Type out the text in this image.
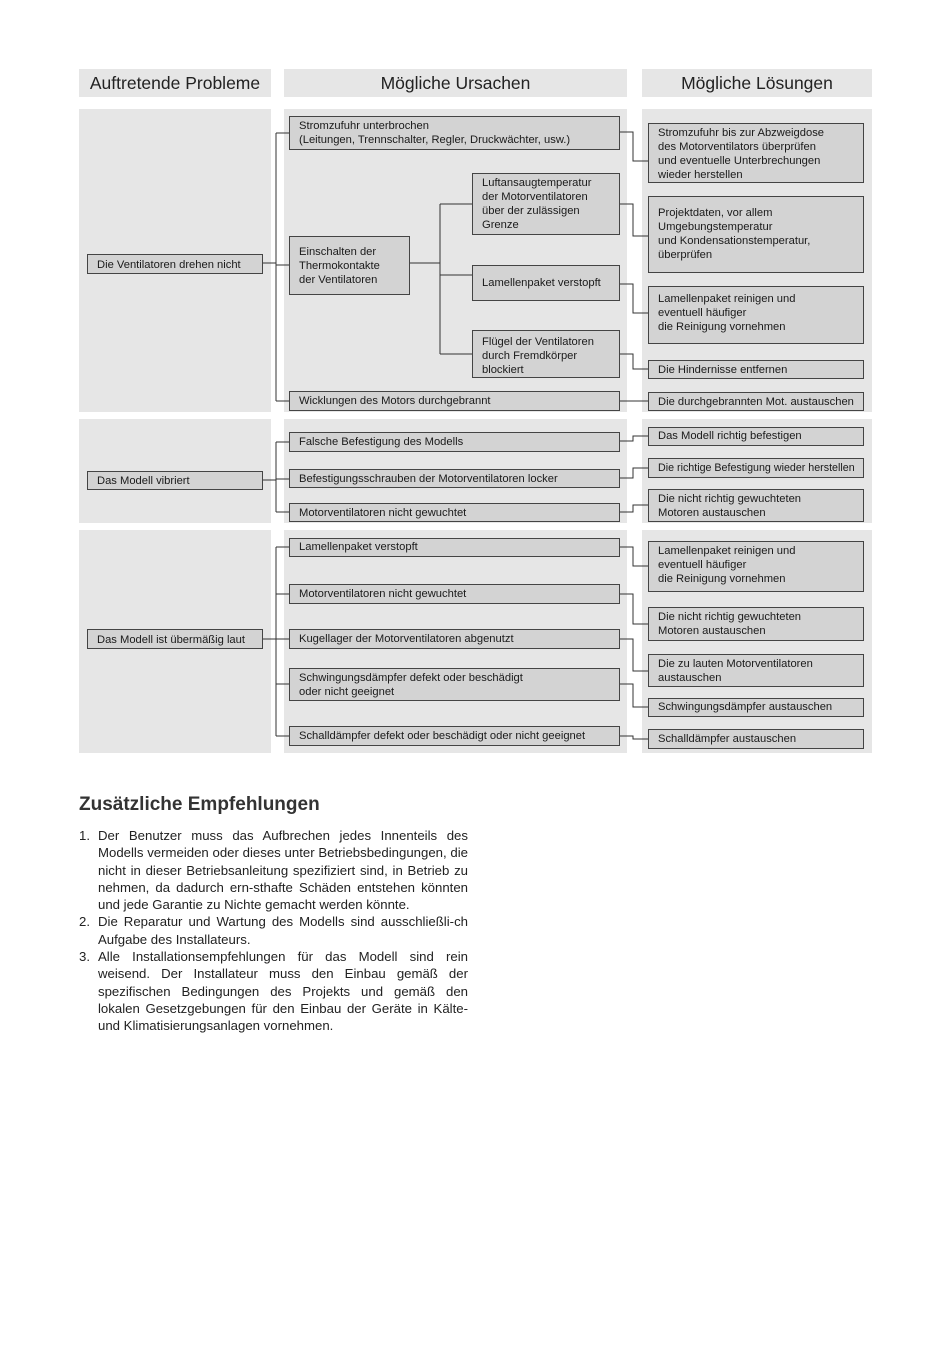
Auftretende Probleme	Mögliche Ursachen	Mögliche Lösungen
Die Ventilatoren drehen nicht
Das Modell vibriert
Das Modell ist übermäßig laut
Stromzufuhr unterbrochen
(Leitungen, Trennschalter, Regler, Druckwächter, usw.)
Einschalten der
Thermokontakte
der Ventilatoren
Luftansaugtemperatur
der Motorventilatoren
über der zulässigen
Grenze
Lamellenpaket verstopft
Flügel der Ventilatoren
durch Fremdkörper
blockiert
Wicklungen des Motors durchgebrannt
Falsche Befestigung des Modells
Befestigungsschrauben der Motorventilatoren locker
Motorventilatoren nicht gewuchtet
Lamellenpaket verstopft
Motorventilatoren nicht gewuchtet
Kugellager der Motorventilatoren abgenutzt
Schwingungsdämpfer defekt oder beschädigt
oder nicht geeignet
Schalldämpfer defekt oder beschädigt oder nicht geeignet
Stromzufuhr bis zur Abzweigdose
des Motorventilators überprüfen
und eventuelle Unterbrechungen
wieder herstellen
Projektdaten, vor allem
Umgebungstemperatur
und Kondensationstemperatur,
überprüfen
Lamellenpaket reinigen und
eventuell häufiger
die Reinigung vornehmen
Die Hindernisse entfernen
Die durchgebrannten Mot. austauschen
Das Modell richtig befestigen
Die richtige Befestigung wieder herstellen
Die nicht richtig gewuchteten
Motoren austauschen
Lamellenpaket reinigen und
eventuell häufiger
die Reinigung vornehmen
Die nicht richtig gewuchteten
Motoren austauschen
Die zu lauten Motorventilatoren
austauschen
Schwingungsdämpfer austauschen
Schalldämpfer austauschen
Zusätzliche Empfehlungen
1. Der Benutzer muss das Aufbrechen jedes Innenteils des Modells vermeiden oder dieses unter Betriebsbedingungen, die nicht in dieser Betriebsanleitung spezifiziert sind, in Betrieb zu nehmen, da dadurch ern-sthafte Schäden entstehen könnten und jede Garantie zu Nichte gemacht werden könnte.
2. Die Reparatur und Wartung des Modells sind ausschließli-ch Aufgabe des Installateurs.
3. Alle Installationsempfehlungen für das Modell sind rein weisend. Der Installateur muss den Einbau gemäß der spezifischen Bedingungen des Projekts und gemäß den lokalen Gesetzgebungen für den Einbau der Geräte in Kälte- und Klimatisierungsanlagen vornehmen.
